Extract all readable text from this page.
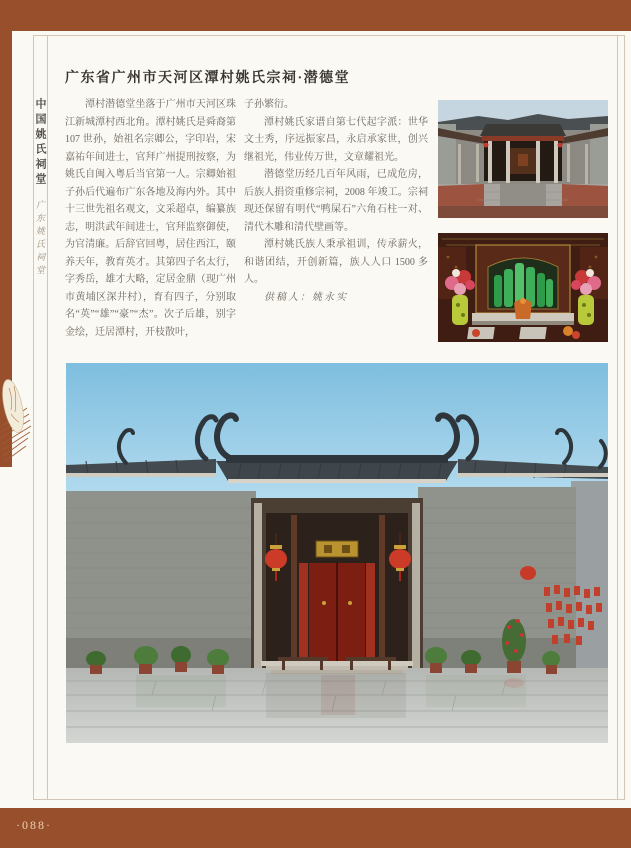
·088·
中国姚氏祠堂
广东姚氏祠堂
广东省广州市天河区潭村姚氏宗祠·潜德堂

潭村潜德堂坐落于广州市天河区珠江新城潭村西北角。潭村姚氏是舜裔第 107 世孙，始祖名宗卿公，字印岩，宋嘉祐年间进士，官拜广州提刑按察，为姚氏自闽入粤后当官第一人。宗卿始祖子孙后代遍布广东各地及海内外。其中十三世先祖名观文，文采超卓，编纂族志，明洪武年间进士，官拜监察御使，为官清廉。后辞官回粤，居住西江，颐养天年，教育英才。其第四子名太行，字秀岳，雄才大略，定居金鼎（现广州市黄埔区深井村），育有四子，分别取名“英”“雄”“豪”“杰”。次子后雄，别字金绘，迁居潭村，开枝散叶，

子孙繁衍。

潭村姚氏家谱自第七代起字派：世华文士秀，序远振家昌，永启承家世，创兴继祖光，伟业传万世，文章耀祖光。

潜德堂历经几百年风雨，已成危房，后族人捐资重修宗祠，2008 年竣工。宗祠现还保留有明代“鸭屎石”六角石柱一对、清代木雕和清代壁画等。

潭村姚氏族人秉承祖训，传承薪火，和谐团结，开创新篇，族人人口 1500 多人。

供稿人：姚永实
